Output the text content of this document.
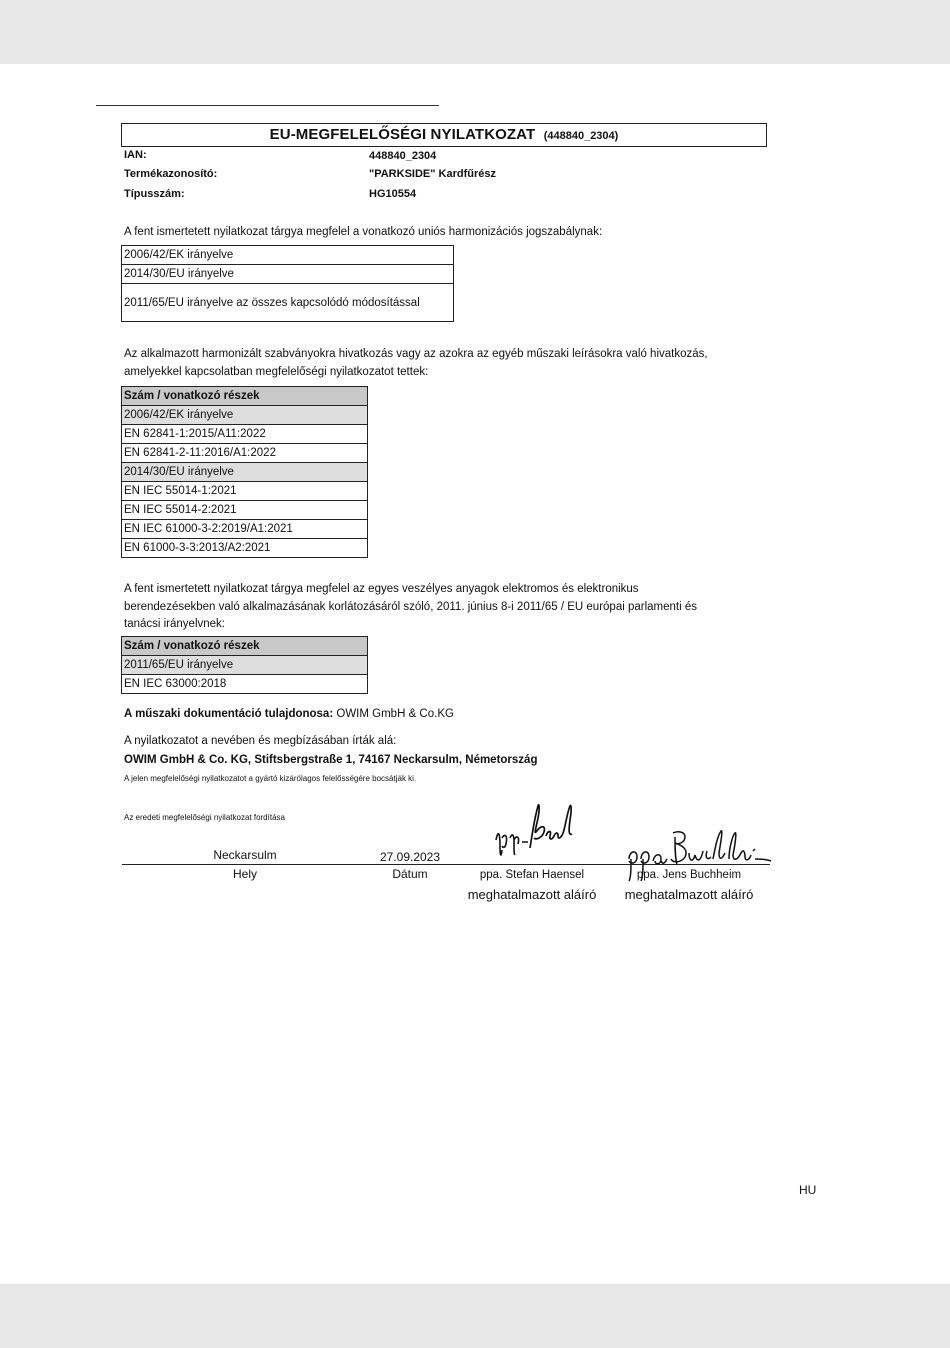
EU-MEGFELELŐSÉGI NYILATKOZAT (448840_2304)
IAN:	448840_2304
Termékazonosító:	"PARKSIDE" Kardfűrész
Típusszám:	HG10554
A fent ismertetett nyilatkozat tárgya megfelel a vonatkozó uniós harmonizációs jogszabálynak:
2006/42/EK irányelve
2014/30/EU irányelve
2011/65/EU irányelve az összes kapcsolódó módosítással
Az alkalmazott harmonizált szabványokra hivatkozás vagy az azokra az egyéb műszaki leírásokra való hivatkozás,
amelyekkel kapcsolatban megfelelőségi nyilatkozatot tettek:
Szám / vonatkozó részek
2006/42/EK irányelve
EN 62841-1:2015/A11:2022
EN 62841-2-11:2016/A1:2022
2014/30/EU irányelve
EN IEC 55014-1:2021
EN IEC 55014-2:2021
EN IEC 61000-3-2:2019/A1:2021
EN 61000-3-3:2013/A2:2021
A fent ismertetett nyilatkozat tárgya megfelel az egyes veszélyes anyagok elektromos és elektronikus
berendezésekben való alkalmazásának korlátozásáról szóló, 2011. június 8-i 2011/65 / EU európai parlamenti és
tanácsi irányelvnek:
Szám / vonatkozó részek
2011/65/EU irányelve
EN IEC 63000:2018
A műszaki dokumentáció tulajdonosa: OWIM GmbH & Co.KG
A nyilatkozatot a nevében és megbízásában írták alá:
OWIM GmbH & Co. KG, Stiftsbergstraße 1, 74167 Neckarsulm, Németország
A jelen megfelelőségi nyilatkozatot a gyártó kizárólagos felelősségére bocsátják ki.
Az eredeti megfelelőségi nyilatkozat fordítása
Neckarsulm	27.09.2023
Hely	Dátum	ppa. Stefan Haensel
meghatalmazott aláíró
ppa. Jens Buchheim
meghatalmazott aláíró
HU
